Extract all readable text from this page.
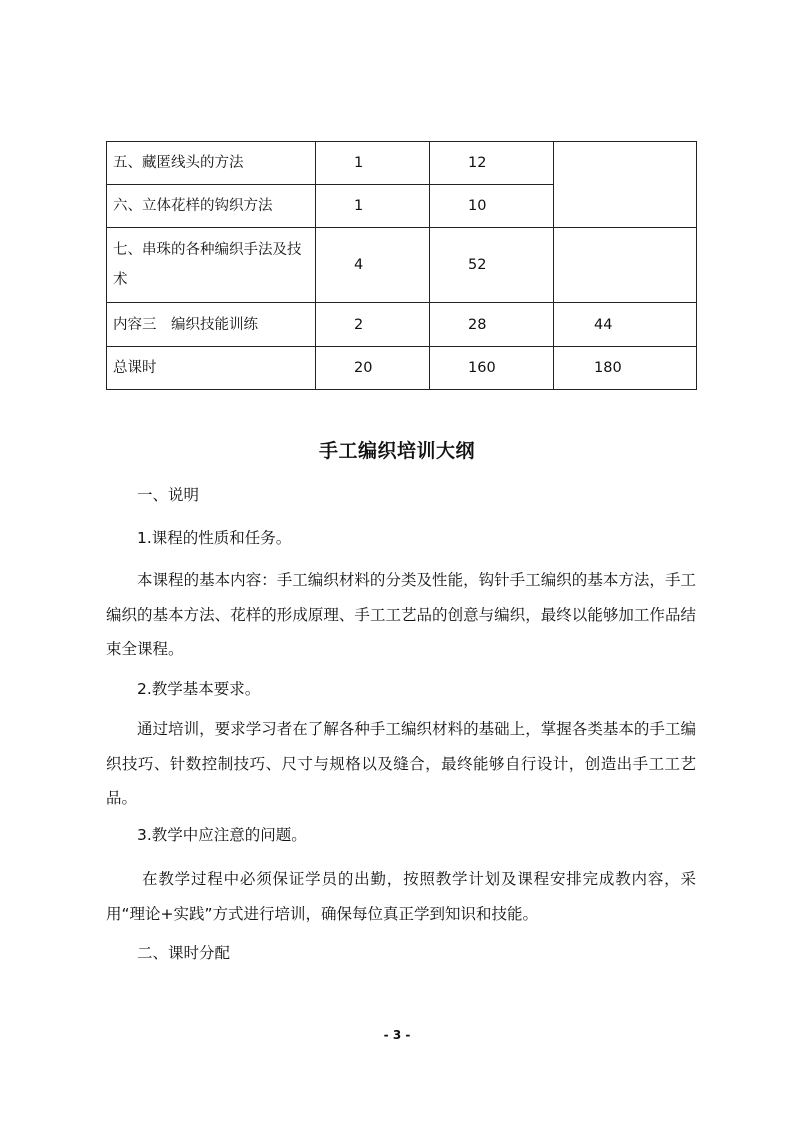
五、藏匿线头的方法	1	12	
六、立体花样的钩织方法	1	10	
七、串珠的各种编织手法及技术	4	52	
内容三　编织技能训练	2	28	44
总课时	20	160	180
手工编织培训大纲

一、说明

1.课程的性质和任务。

本课程的基本内容：手工编织材料的分类及性能，钩针手工编织的基本方法，手工编织的基本方法、花样的形成原理、手工工艺品的创意与编织，最终以能够加工作品结束全课程。

2.教学基本要求。

通过培训，要求学习者在了解各种手工编织材料的基础上，掌握各类基本的手工编织技巧、针数控制技巧、尺寸与规格以及缝合，最终能够自行设计，创造出手工工艺品。

3.教学中应注意的问题。

在教学过程中必须保证学员的出勤，按照教学计划及课程安排完成教内容，采用“理论+实践”方式进行培训，确保每位真正学到知识和技能。

二、课时分配

- 3 -
